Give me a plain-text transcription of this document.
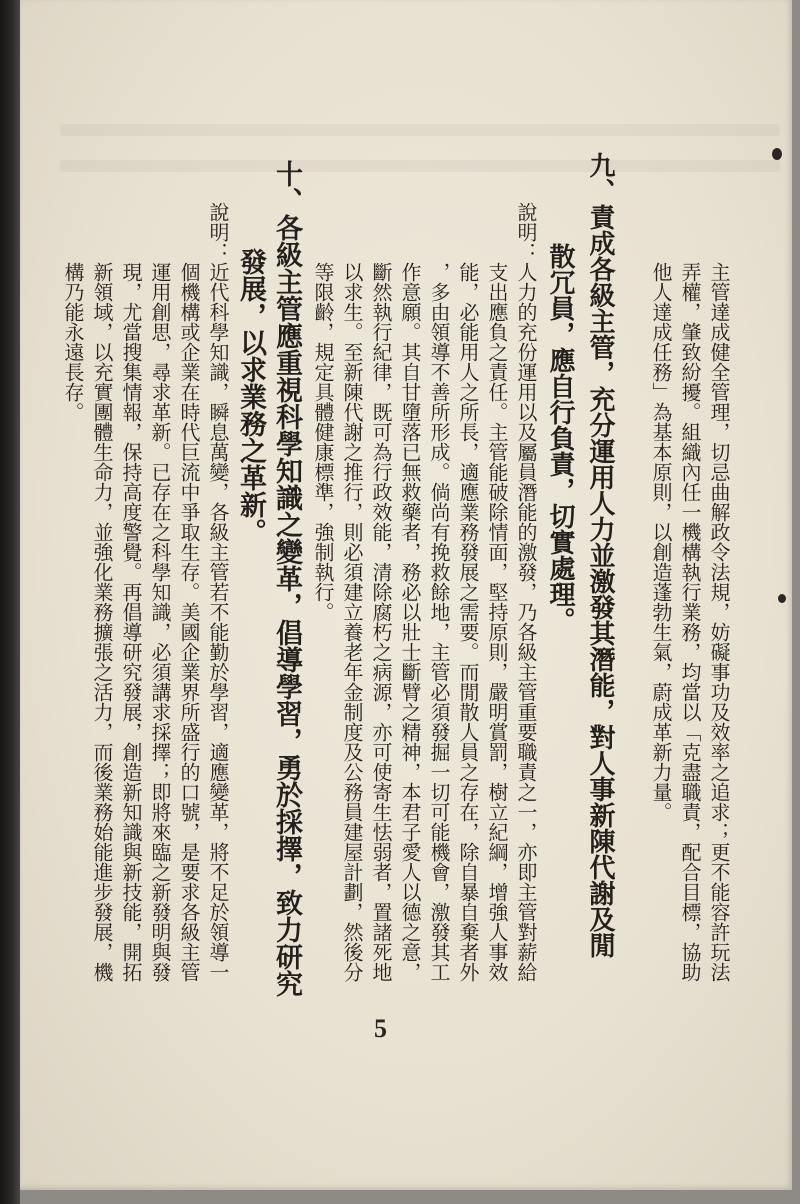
主管達成健全管理，切忌曲解政令法規，妨礙事功及效率之追求；更不能容許玩法
弄權，肇致紛擾。組織內任一機構執行業務，均當以「克盡職責，配合目標，協助
他人達成任務」為基本原則，以創造蓬勃生氣，蔚成革新力量。
九、責成各級主管，充分運用人力並激發其潛能，對人事新陳代謝及閒
散冗員，應自行負責，切實處理。
說明：人力的充份運用以及屬員潛能的激發，乃各級主管重要職責之一，亦即主管對薪給
支出應負之責任。主管能破除情面，堅持原則，嚴明賞罰，樹立紀綱，增強人事效
能，必能用人之所長，適應業務發展之需要。而閒散人員之存在，除自暴自棄者外
，多由領導不善所形成。倘尚有挽救餘地，主管必須發掘一切可能機會，激發其工
作意願。其自甘墮落已無救藥者，務必以壯士斷臂之精神，本君子愛人以德之意，
斷然執行紀律，既可為行政效能，清除腐朽之病源，亦可使寄生怯弱者，置諸死地
以求生。至新陳代謝之推行，則必須建立養老年金制度及公務員建屋計劃，然後分
等限齡，規定具體健康標準，強制執行。
十、各級主管應重視科學知識之變革，倡導學習，勇於採擇，致力研究
發展，以求業務之革新。
說明：近代科學知識，瞬息萬變，各級主管若不能勤於學習，適應變革，將不足於領導一
個機構或企業在時代巨流中爭取生存。美國企業界所盛行的口號，是要求各級主管
運用創思，尋求革新。已存在之科學知識，必須講求採擇；即將來臨之新發明與發
現，尤當搜集情報，保持高度警覺。再倡導研究發展，創造新知識與新技能，開拓
新領域，以充實團體生命力，並強化業務擴張之活力，而後業務始能進步發展，機
構乃能永遠長存。
5
